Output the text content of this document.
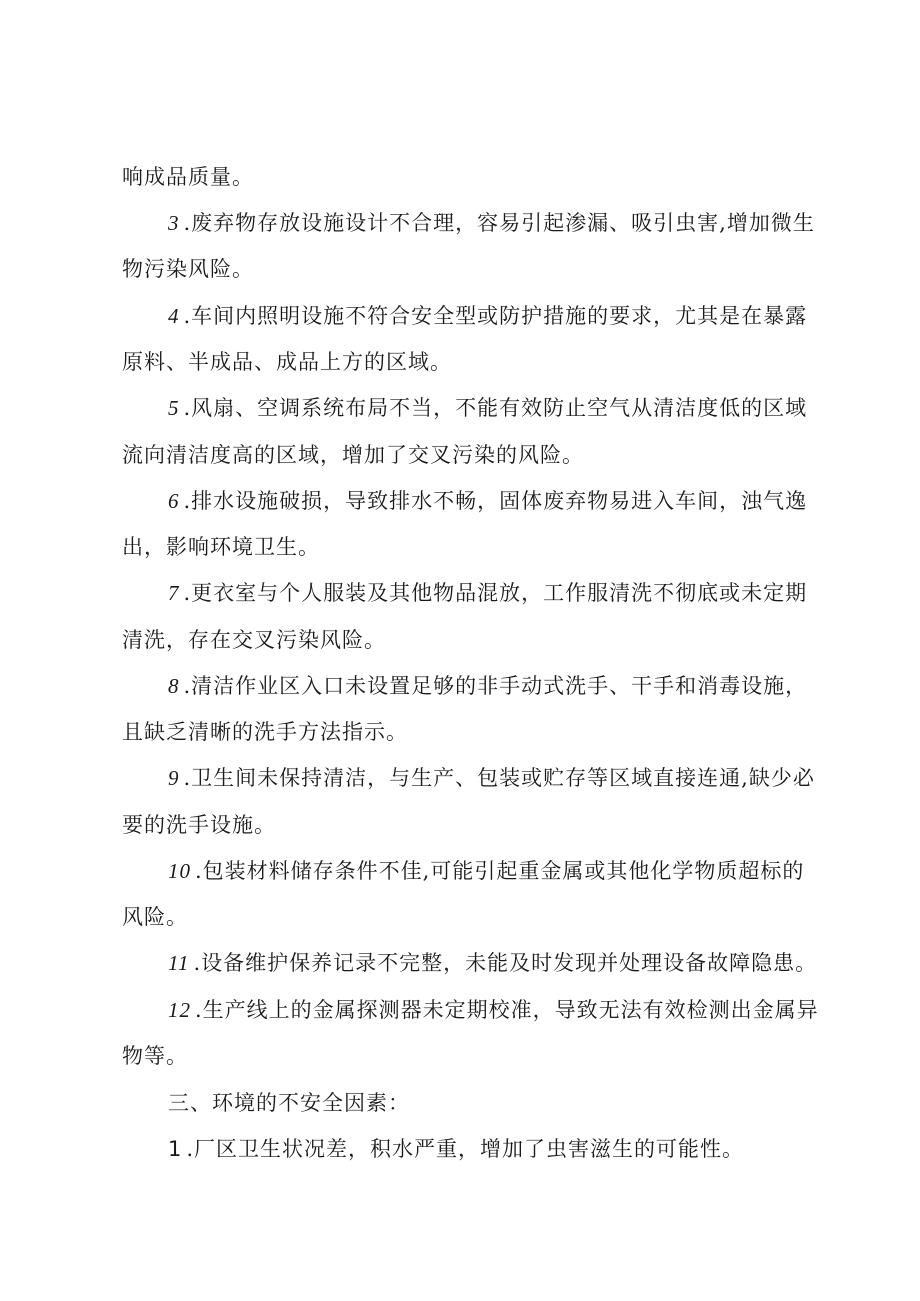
响成品质量。
3 .废弃物存放设施设计不合理，容易引起渗漏、吸引虫害,增加微生
物污染风险。
4 .车间内照明设施不符合安全型或防护措施的要求，尤其是在暴露
原料、半成品、成品上方的区域。
5 .风扇、空调系统布局不当，不能有效防止空气从清洁度低的区域
流向清洁度高的区域，增加了交叉污染的风险。
6 .排水设施破损，导致排水不畅，固体废弃物易进入车间，浊气逸
出，影响环境卫生。
7 .更衣室与个人服装及其他物品混放，工作服清洗不彻底或未定期
清洗，存在交叉污染风险。
8 .清洁作业区入口未设置足够的非手动式洗手、干手和消毒设施，
且缺乏清晰的洗手方法指示。
9 .卫生间未保持清洁，与生产、包装或贮存等区域直接连通,缺少必
要的洗手设施。
10 .包装材料储存条件不佳,可能引起重金属或其他化学物质超标的
风险。
11 .设备维护保养记录不完整，未能及时发现并处理设备故障隐患。
12 .生产线上的金属探测器未定期校准，导致无法有效检测出金属异
物等。
三、环境的不安全因素：
1 .厂区卫生状况差，积水严重，增加了虫害滋生的可能性。
